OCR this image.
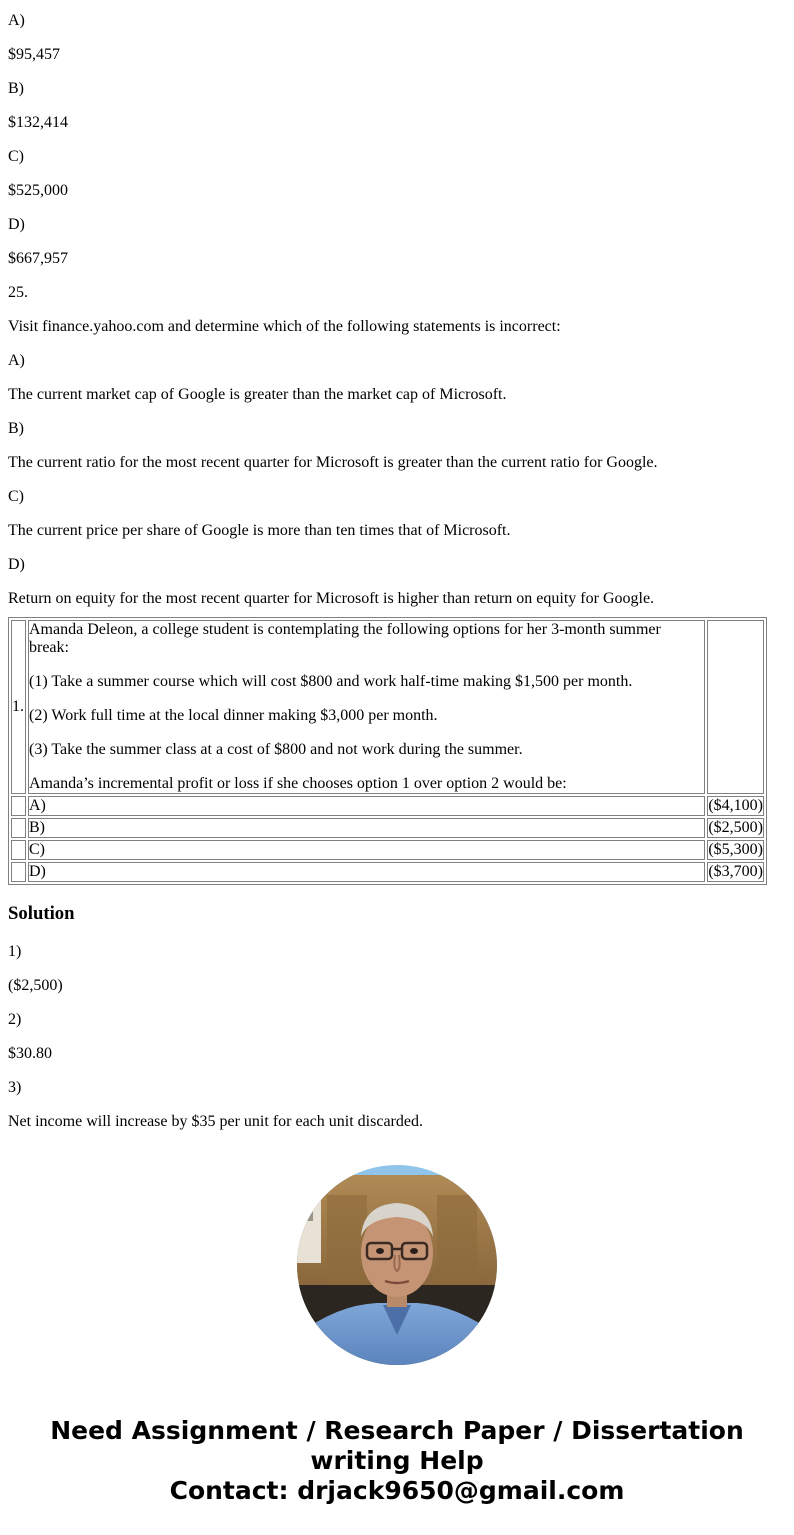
A)

$95,457

B)

$132,414

C)

$525,000

D)

$667,957

25.

Visit finance.yahoo.com and determine which of the following statements is incorrect:

A)

The current market cap of Google is greater than the market cap of Microsoft.

B)

The current ratio for the most recent quarter for Microsoft is greater than the current ratio for Google.

C)

The current price per share of Google is more than ten times that of Microsoft.

D)

Return on equity for the most recent quarter for Microsoft is higher than return on equity for Google.

1.	Amanda Deleon, a college student is contemplating the following options for her 3-month summer break:

(1) Take a summer course which will cost $800 and work half-time making $1,500 per month.

(2) Work full time at the local dinner making $3,000 per month.

(3) Take the summer class at a cost of $800 and not work during the summer.

Amanda’s incremental profit or loss if she chooses option 1 over option 2 would be:	

	A)	($4,100)
	B)	($2,500)
	C)	($5,300)
	D)	($3,700)
Solution

1)

($2,500)

2)

$30.80

3)

Net income will increase by $35 per unit for each unit discarded.

Need Assignment / Research Paper / Dissertation
writing Help
Contact: drjack9650@gmail.com
